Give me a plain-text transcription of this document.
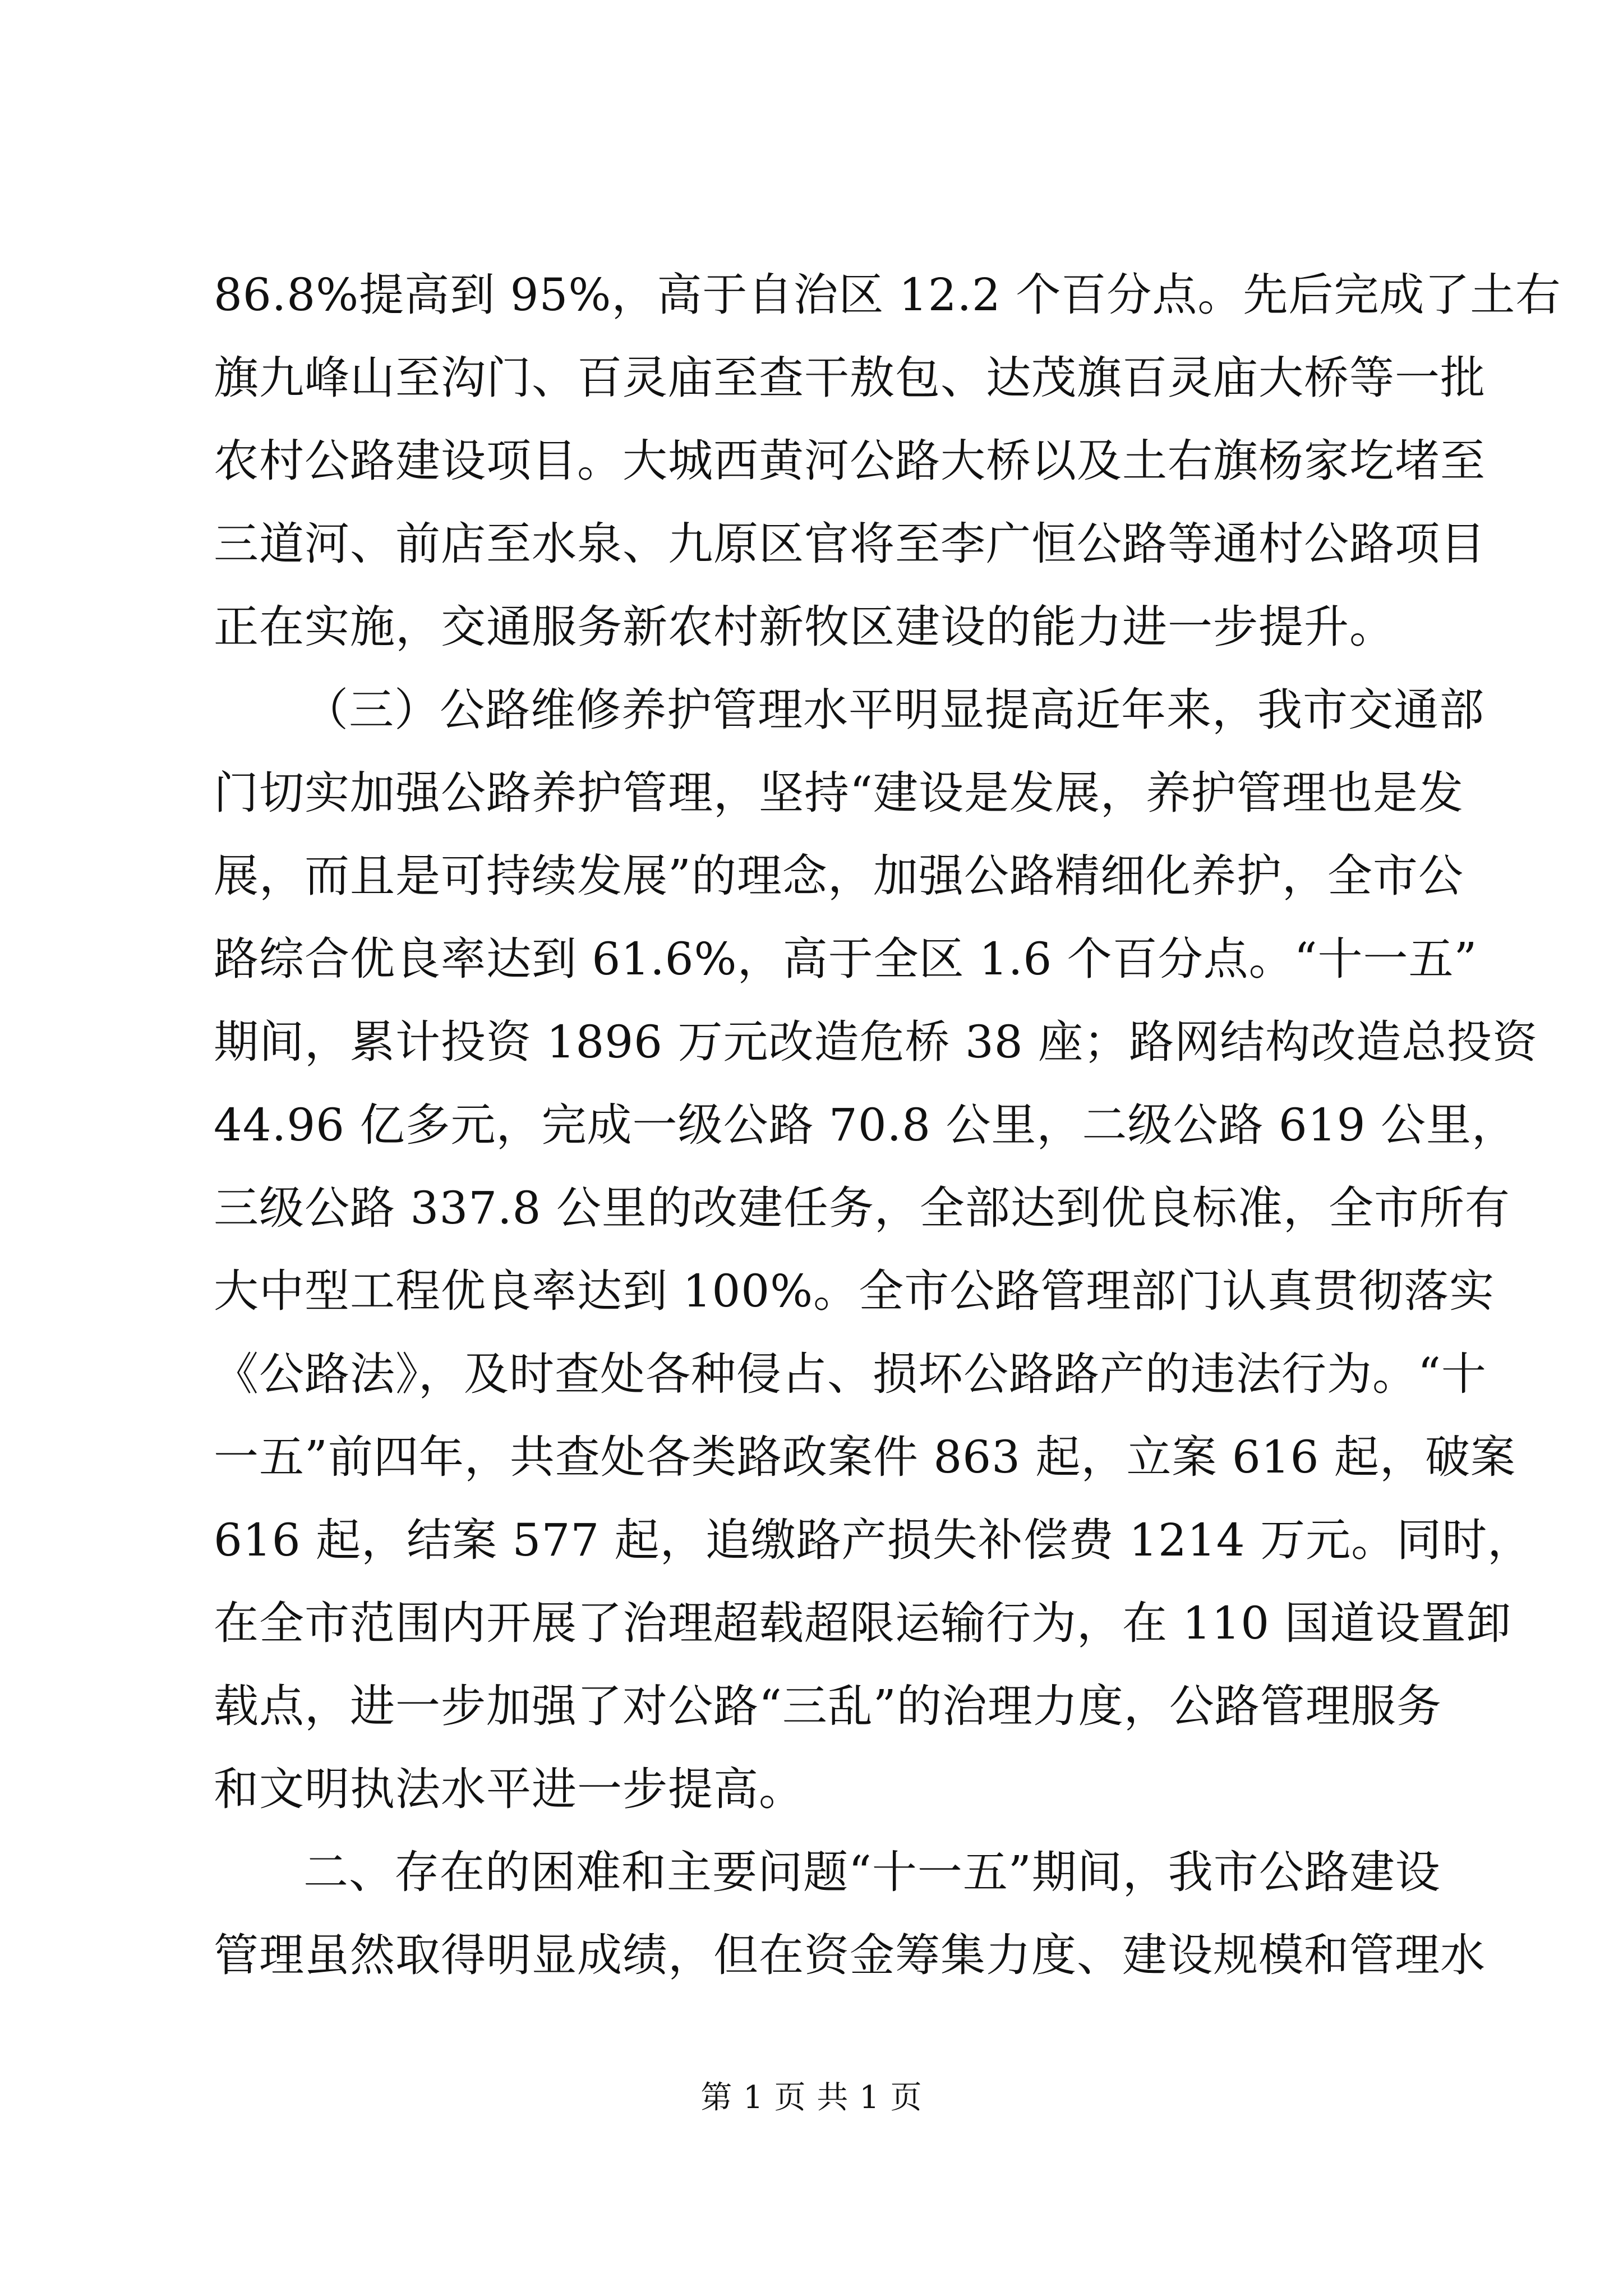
86.8%提高到 95%，高于自治区 12.2 个百分点。先后完成了土右
旗九峰山至沟门、百灵庙至查干敖包、达茂旗百灵庙大桥等一批
农村公路建设项目。大城西黄河公路大桥以及土右旗杨家圪堵至
三道河、前店至水泉、九原区官将至李广恒公路等通村公路项目
正在实施，交通服务新农村新牧区建设的能力进一步提升。
（三）公路维修养护管理水平明显提高近年来，我市交通部
门切实加强公路养护管理，坚持“建设是发展，养护管理也是发
展，而且是可持续发展”的理念，加强公路精细化养护，全市公
路综合优良率达到 61.6%，高于全区 1.6 个百分点。“十一五”
期间，累计投资 1896 万元改造危桥 38 座；路网结构改造总投资
44.96 亿多元，完成一级公路 70.8 公里，二级公路 619 公里，
三级公路 337.8 公里的改建任务，全部达到优良标准，全市所有
大中型工程优良率达到 100%。全市公路管理部门认真贯彻落实
《公路法》，及时查处各种侵占、损坏公路路产的违法行为。“十
一五”前四年，共查处各类路政案件 863 起，立案 616 起，破案
616 起，结案 577 起，追缴路产损失补偿费 1214 万元。同时，
在全市范围内开展了治理超载超限运输行为，在 110 国道设置卸
载点，进一步加强了对公路“三乱”的治理力度，公路管理服务
和文明执法水平进一步提高。
二、存在的困难和主要问题“十一五”期间，我市公路建设
管理虽然取得明显成绩，但在资金筹集力度、建设规模和管理水
第 1 页 共 1 页
